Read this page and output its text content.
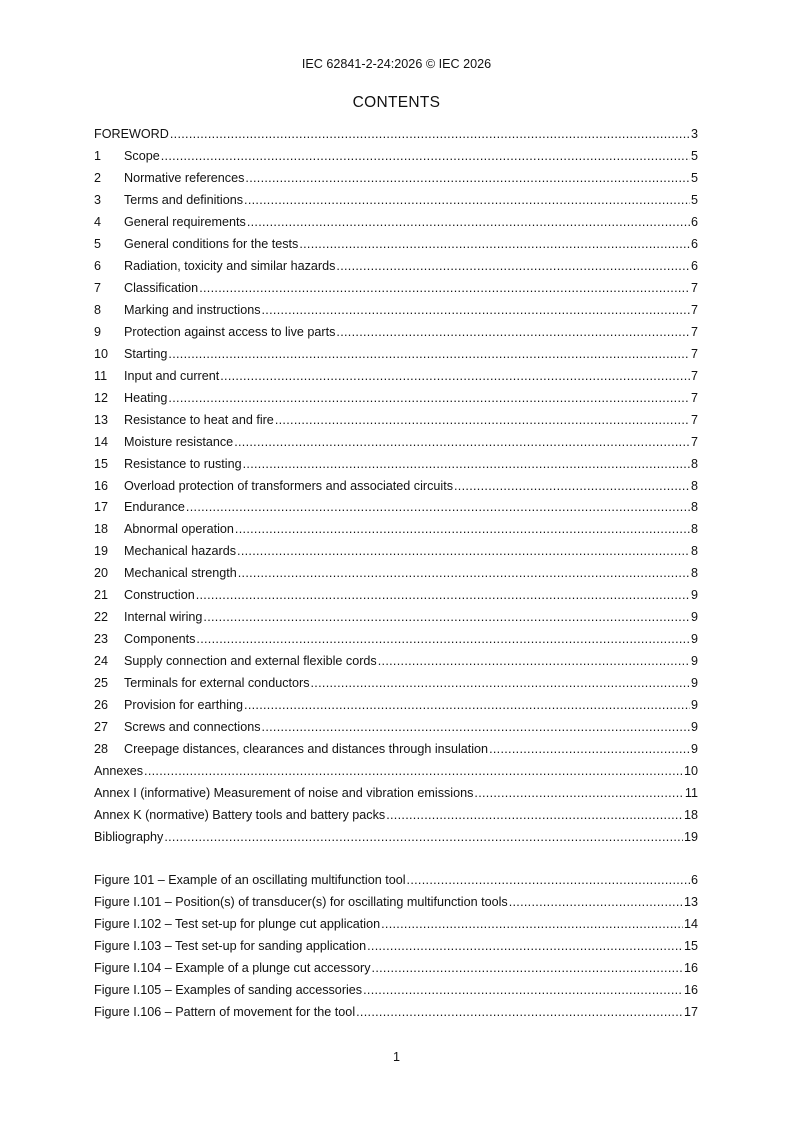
IEC 62841-2-24:2026 © IEC 2026
CONTENTS
FOREWORD .....	3
1	Scope .....	5
2	Normative references .....	5
3	Terms and definitions .....	5
4	General requirements .....	6
5	General conditions for the tests .....	6
6	Radiation, toxicity and similar hazards .....	6
7	Classification .....	7
8	Marking and instructions .....	7
9	Protection against access to live parts .....	7
10	Starting .....	7
11	Input and current .....	7
12	Heating .....	7
13	Resistance to heat and fire .....	7
14	Moisture resistance .....	7
15	Resistance to rusting .....	8
16	Overload protection of transformers and associated circuits .....	8
17	Endurance .....	8
18	Abnormal operation .....	8
19	Mechanical hazards .....	8
20	Mechanical strength .....	8
21	Construction .....	9
22	Internal wiring .....	9
23	Components .....	9
24	Supply connection and external flexible cords .....	9
25	Terminals for external conductors .....	9
26	Provision for earthing .....	9
27	Screws and connections .....	9
28	Creepage distances, clearances and distances through insulation .....	9
Annexes .....	10
Annex I (informative) Measurement of noise and vibration emissions .....	11
Annex K (normative) Battery tools and battery packs .....	18
Bibliography .....	19
Figure 101 – Example of an oscillating multifunction tool .....	6
Figure I.101 – Position(s) of transducer(s) for oscillating multifunction tools .....	13
Figure I.102 – Test set-up for plunge cut application .....	14
Figure I.103 – Test set-up for sanding application .....	15
Figure I.104 – Example of a plunge cut accessory .....	16
Figure I.105 – Examples of sanding accessories .....	16
Figure I.106 – Pattern of movement for the tool .....	17
1
